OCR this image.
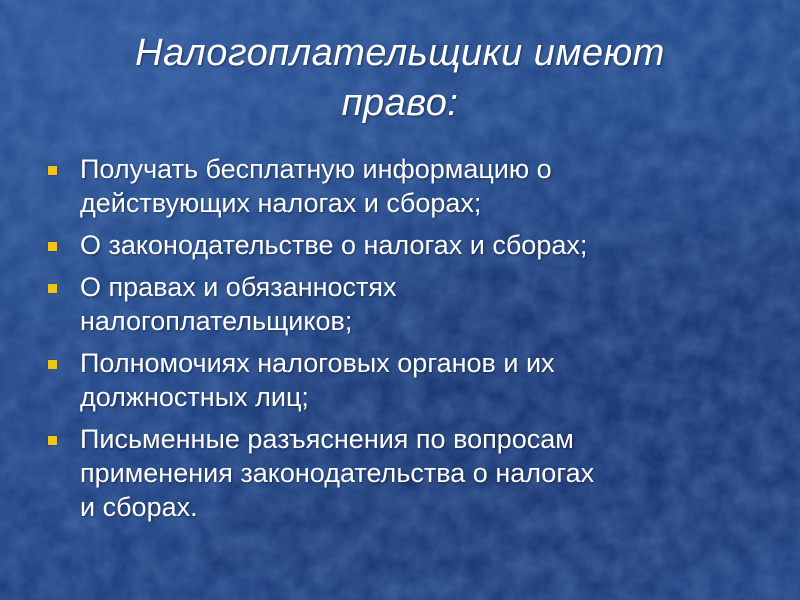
Налогоплательщики имеют
право:
Получать бесплатную информацию о
действующих налогах и сборах;
О законодательстве о налогах и сборах;
О правах и обязанностях
налогоплательщиков;
Полномочиях налоговых органов и их
должностных лиц;
Письменные разъяснения по вопросам
применения законодательства о налогах
и сборах.
